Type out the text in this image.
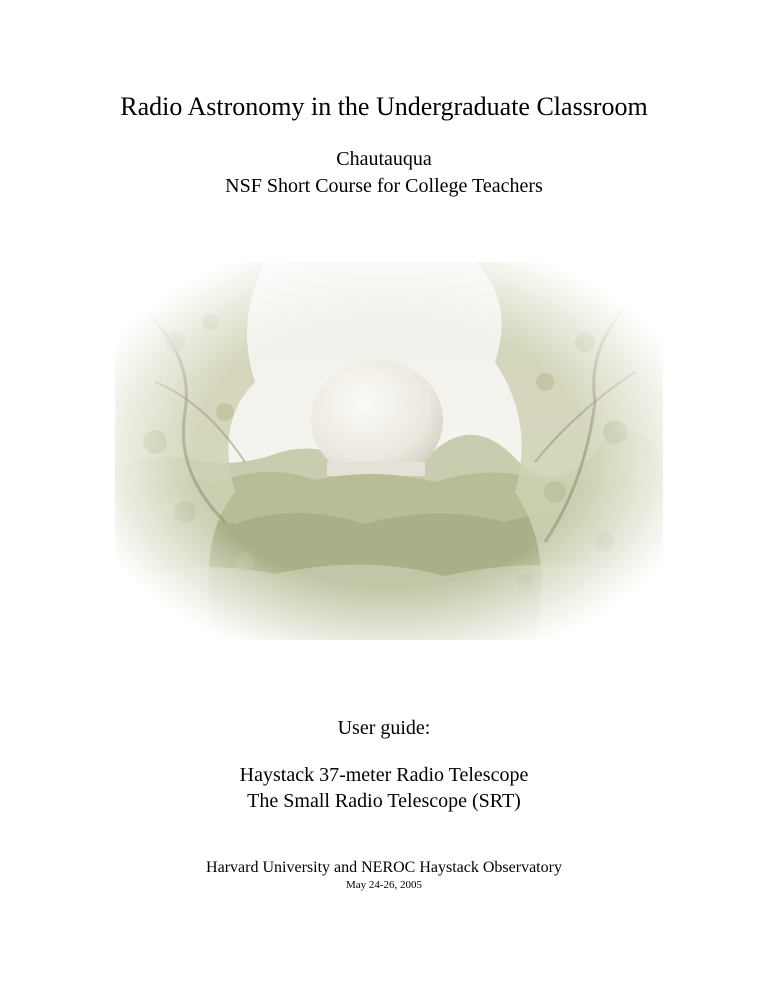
Radio Astronomy in the Undergraduate Classroom
Chautauqua
NSF Short Course for College Teachers
User guide:
Haystack 37-meter Radio Telescope
The Small Radio Telescope (SRT)
Harvard University and NEROC Haystack Observatory
May 24-26, 2005
